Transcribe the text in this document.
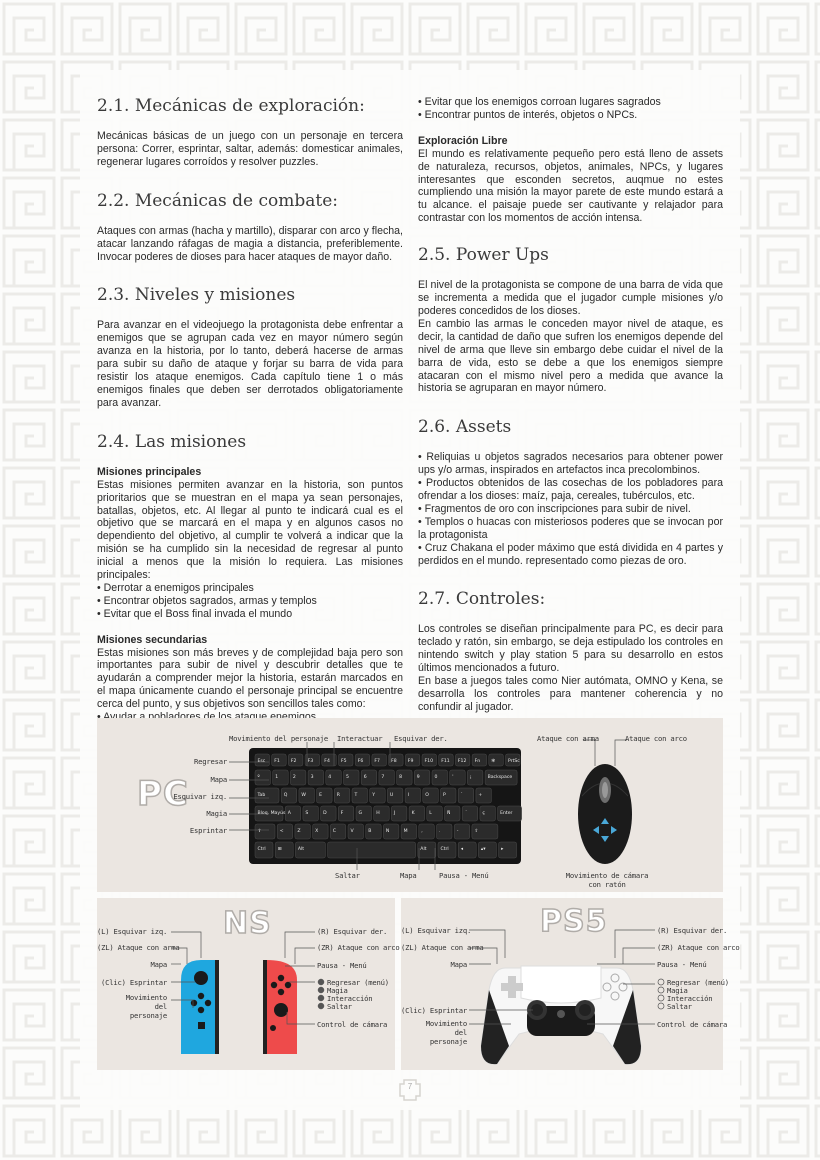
2.1. Mecánicas de exploración:

Mecánicas básicas de un juego con un personaje en tercera persona: Correr, esprintar, saltar, además: domesticar animales, regenerar lugares corroídos y resolver puzzles.

2.2. Mecánicas de combate:

Ataques con armas (hacha y martillo), disparar con arco y flecha, atacar lanzando ráfagas de magia a distancia, preferiblemente. Invocar poderes de dioses para hacer ataques de mayor daño.

2.3. Niveles y misiones

Para avanzar en el videojuego la protagonista debe enfrentar a enemigos que se agrupan cada vez en mayor número según avanza en la historia, por lo tanto, deberá hacerse de armas para subir su daño de ataque y forjar su barra de vida para resistir los ataque enemigos. Cada capítulo tiene 1 o más enemigos finales que deben ser derrotados obligatoriamente para avanzar.

2.4. Las misiones

Misiones principales

Estas misiones permiten avanzar en la historia, son puntos prioritarios que se muestran en el mapa ya sean personajes, batallas, objetos, etc. Al llegar al punto te indicará cual es el objetivo que se marcará en el mapa y en algunos casos no dependiento del objetivo, al cumplir te volverá a indicar que la misión se ha cumplido sin la necesidad de regresar al punto inicial a menos que la misión lo requiera. Las misiones principales:

• Derrotar a enemigos principales

• Encontrar objetos sagrados, armas y templos

• Evitar que el Boss final invada el mundo

Misiones secundarias

Estas misiones son más breves y de complejidad baja pero son importantes para subir de nivel y descubrir detalles que te ayudarán a comprender mejor la historia, estarán marcados en el mapa únicamente cuando el personaje principal se encuentre cerca del punto, y sus objetivos son sencillos tales como:

• Evitar que los enemigos corroan lugares sagrados

• Encontrar puntos de interés, objetos o NPCs.

Exploración Libre

El mundo es relativamente pequeño pero está lleno de assets de naturaleza, recursos, objetos, animales, NPCs, y lugares interesantes que esconden secretos, auqmue no estes cumpliendo una misión la mayor parete de este mundo estará a tu alcance. el paisaje puede ser cautivante y relajador para contrastar con los momentos de acción intensa.

2.5. Power Ups

El nivel de la protagonista se compone de una barra de vida que se incrementa a medida que el jugador cumple misiones y/o poderes concedidos de los dioses.

En cambio las armas le conceden mayor nivel de ataque, es decir, la cantidad de daño que sufren los enemigos depende del nivel de arma que lleve sin embargo debe cuidar el nivel de la barra de vida, esto se debe a que los enemigos siempre atacaran con el mismo nivel pero a medida que avance la historia se agruparan en mayor número.

2.6. Assets

• Reliquias u objetos sagrados necesarios para obtener power ups y/o armas, inspirados en artefactos inca precolombinos.

• Productos obtenidos de las cosechas de los pobladores para ofrendar a los dioses: maíz, paja, cereales, tubérculos, etc.

• Fragmentos de oro con inscripciones para subir de nivel.

• Templos o huacas con misteriosos poderes que se invocan por la protagonista

• Cruz Chakana el poder máximo que está dividida en 4 partes y perdidos en el mundo. representado como piezas de oro.

2.7. Controles:

Los controles se diseñan principalmente para PC, es decir para teclado y ratón, sin embargo, se deja estipulado los controles en nintendo switch y play station 5 para su desarrollo en estos últimos mencionados a futuro.

En base a juegos tales como Nier autómata, OMNO y Kena, se desarrolla los controles para mantener coherencia y no confundir al jugador.

PC
Esc F1 F2 F3 F4 F5 F6 F7 F8 F9 F10 F11 F12 Fn ✻	PrtSc
º	1	2	3	4	5	6	7	8	9	0	'	¡	Backspace
Tab	Q	W	E	R	T	Y	U	I	O	P	`	+
Bloq. Mayús A	S	D	F	G	H	J	K	L	Ñ	´	ç	Enter
⇧	<	Z	X	C	V	B	N	M	,	.	-	⇧
Ctrl	⊞	Alt	Alt	Ctrl	◂	▴▾	▸
Movimiento del personaje Interactuar Esquivar der.
Regresar
Mapa
Esquivar izq.
Magia
Esprintar
Saltar	Mapa	Pausa - Menú
Ataque con arma	Ataque con arco
Movimiento de cámara con ratón
NS
(L) Esquivar izq.
(ZL) Ataque con arma
Mapa
(Clic) Esprintar
Movimiento del personaje
(R) Esquivar der.
(ZR) Ataque con arco
Pausa - Menú
Regresar (menú)
Magia
Interacción
Saltar
Control de cámara
PS5
(L) Esquivar izq.
(ZL) Ataque con arma
Mapa
(Clic) Esprintar
Movimiento del personaje
(R) Esquivar der.
(ZR) Ataque con arco
Pausa - Menú
Regresar (menú)
Magia
Interacción
Saltar
Control de cámara
7
